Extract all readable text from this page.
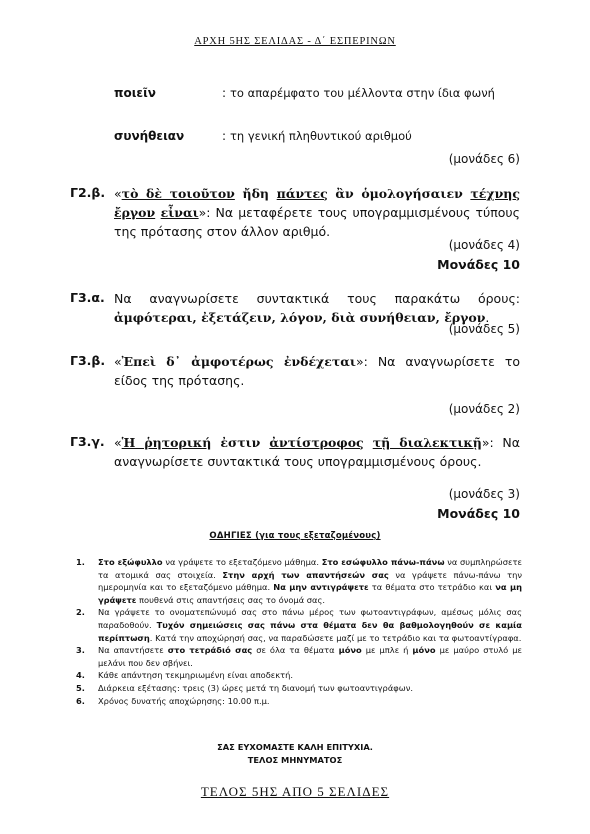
ΑΡΧΗ 5ΗΣ ΣΕΛΙΔΑΣ - Δ΄ ΕΣΠΕΡΙΝΩΝ
ποιεῖν	: το απαρέμφατο του μέλλοντα στην ίδια φωνή
συνήθειαν	: τη γενική πληθυντικού αριθμού
(μονάδες 6)
Γ2.β. «τὸ δὲ τοιοῦτον ἤδη πάντες ἂν ὁμολογήσαιεν τέχνης ἔργον εἶναι»: Να μεταφέρετε τους υπογραμμισμένους τύπους της πρότασης στον άλλον αριθμό.
(μονάδες 4)
Μονάδες 10
Γ3.α. Να αναγνωρίσετε συντακτικά τους παρακάτω όρους: ἀμφότεραι, ἐξετάζειν, λόγον, διὰ συνήθειαν, ἔργον.
(μονάδες 5)
Γ3.β. «Ἐπεὶ δ᾽ ἀμφοτέρως ἐνδέχεται»: Να αναγνωρίσετε το είδος της πρότασης.
(μονάδες 2)
Γ3.γ. «Ἡ ῥητορική ἐστιν ἀντίστροφος τῇ διαλεκτικῇ»: Να αναγνωρίσετε συντακτικά τους υπογραμμισμένους όρους.
(μονάδες 3)
Μονάδες 10
ΟΔΗΓΙΕΣ (για τους εξεταζομένους)
1. Στο εξώφυλλο να γράψετε το εξεταζόμενο μάθημα. Στο εσώφυλλο πάνω-πάνω να συμπληρώσετε τα ατομικά σας στοιχεία. Στην αρχή των απαντήσεών σας να γράψετε πάνω-πάνω την ημερομηνία και το εξεταζόμενο μάθημα. Να μην αντιγράψετε τα θέματα στο τετράδιο και να μη γράψετε πουθενά στις απαντήσεις σας το όνομά σας.
2. Να γράψετε το ονοματεπώνυμό σας στο πάνω μέρος των φωτοαντιγράφων, αμέσως μόλις σας παραδοθούν. Τυχόν σημειώσεις σας πάνω στα θέματα δεν θα βαθμολογηθούν σε καμία περίπτωση. Κατά την αποχώρησή σας, να παραδώσετε μαζί με το τετράδιο και τα φωτοαντίγραφα.
3. Να απαντήσετε στο τετράδιό σας σε όλα τα θέματα μόνο με μπλε ή μόνο με μαύρο στυλό με μελάνι που δεν σβήνει.
4. Κάθε απάντηση τεκμηριωμένη είναι αποδεκτή.
5. Διάρκεια εξέτασης: τρεις (3) ώρες μετά τη διανομή των φωτοαντιγράφων.
6. Χρόνος δυνατής αποχώρησης: 10.00 π.μ.
ΣΑΣ ΕΥΧΟΜΑΣΤΕ ΚΑΛΗ ΕΠΙΤΥΧΙΑ.
ΤΕΛΟΣ ΜΗΝΥΜΑΤΟΣ
ΤΕΛΟΣ 5ΗΣ ΑΠΟ 5 ΣΕΛΙΔΕΣ
